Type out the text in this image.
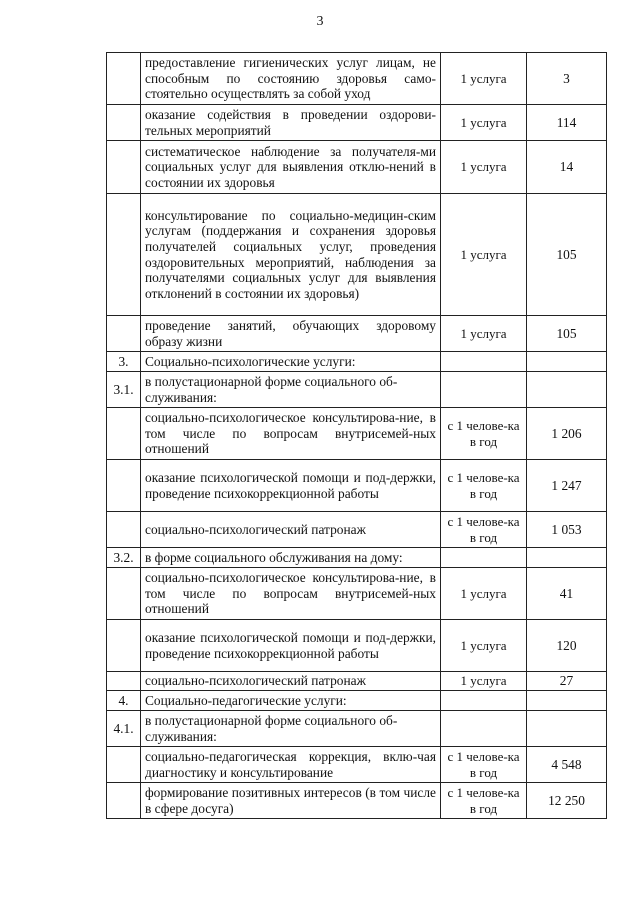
3
	предоставление гигиенических услуг лицам, не способным по состоянию здоровья само-стоятельно осуществлять за собой уход	1 услуга	3
	оказание содействия в проведении оздорови-тельных мероприятий	1 услуга	114
	систематическое наблюдение за получателя-ми социальных услуг для выявления отклю-нений в состоянии их здоровья	1 услуга	14
	консультирование по социально-медицин-ским услугам (поддержания и сохранения здоровья получателей социальных услуг, проведения оздоровительных мероприятий, наблюдения за получателями социальных услуг для выявления отклонений в состоянии их здоровья)	1 услуга	105
	проведение занятий, обучающих здоровому образу жизни	1 услуга	105
3.	Социально-психологические услуги:		
3.1.	в полустационарной форме социального об-служивания:		
	социально-психологическое консультирова-ние, в том числе по вопросам внутрисемей-ных отношений	с 1 челове-ка в год	1 206
	оказание психологической помощи и под-держки, проведение психокоррекционной работы	с 1 челове-ка в год	1 247
	социально-психологический патронаж	с 1 челове-ка в год	1 053
3.2.	в форме социального обслуживания на дому:		
	социально-психологическое консультирова-ние, в том числе по вопросам внутрисемей-ных отношений	1 услуга	41
	оказание психологической помощи и под-держки, проведение психокоррекционной работы	1 услуга	120
	социально-психологический патронаж	1 услуга	27
4.	Социально-педагогические услуги:		
4.1.	в полустационарной форме социального об-служивания:		
	социально-педагогическая коррекция, вклю-чая диагностику и консультирование	с 1 челове-ка в год	4 548
	формирование позитивных интересов (в том числе в сфере досуга)	с 1 челове-ка в год	12 250
